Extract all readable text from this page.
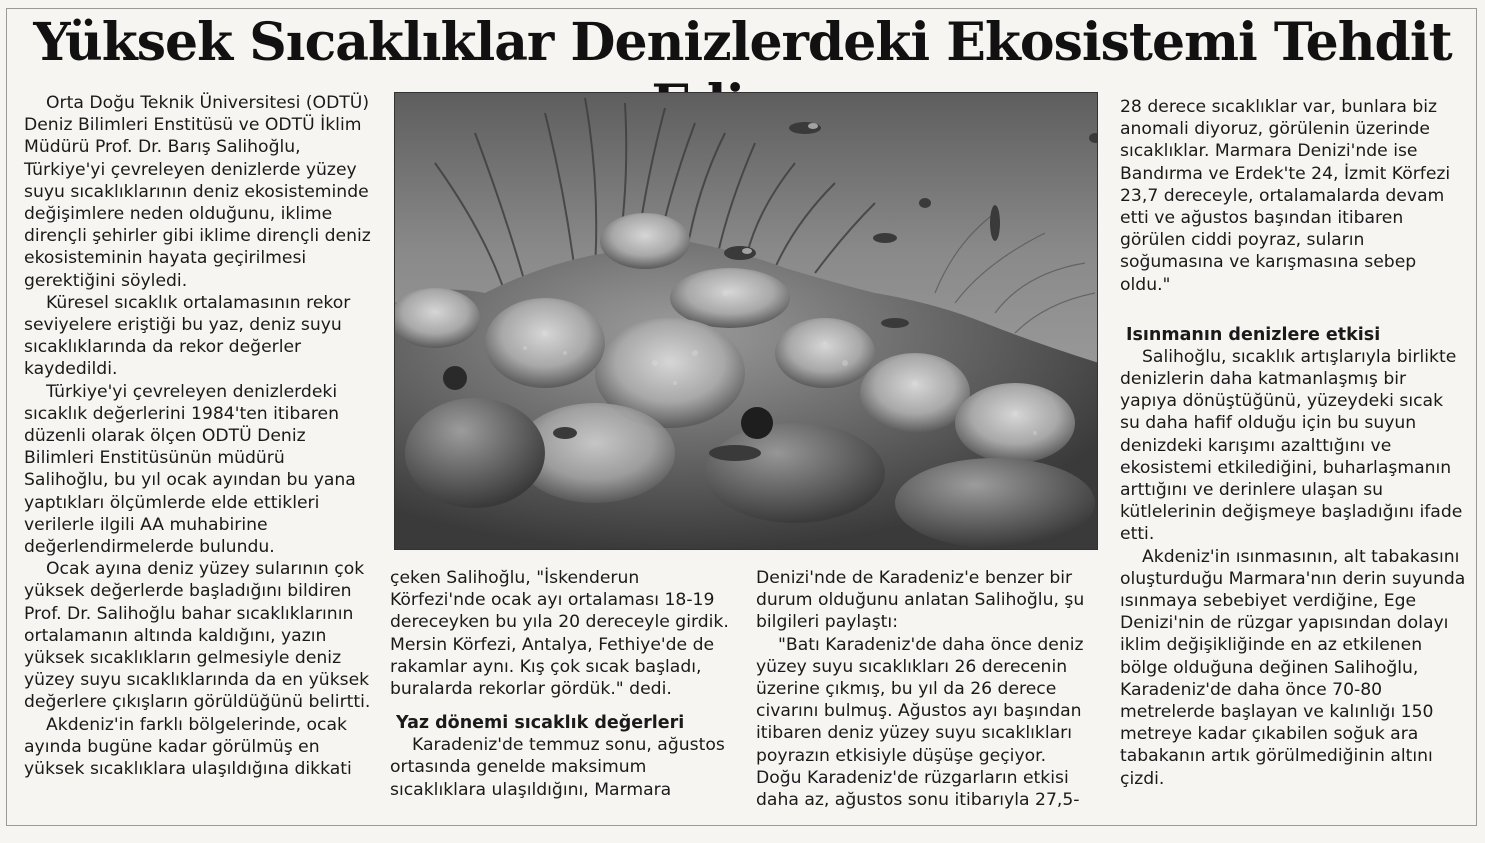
Yüksek Sıcaklıklar Denizlerdeki Ekosistemi Tehdit

Orta Doğu Teknik Üniversitesi (ODTÜ) Deniz Bilimleri Enstitüsü ve ODTÜ İklim Müdürü Prof. Dr. Barış Salihoğlu, Türkiye'yi çevreleyen denizlerde yüzey suyu sıcaklıklarının deniz ekosisteminde değişimlere neden olduğunu, iklime dirençli şehirler gibi iklime dirençli deniz ekosisteminin hayata geçirilmesi gerektiğini söyledi.

Küresel sıcaklık ortalamasının rekor seviyelere eriştiği bu yaz, deniz suyu sıcaklıklarında da rekor değerler kaydedildi.

Türkiye'yi çevreleyen denizlerdeki sıcaklık değerlerini 1984'ten itibaren düzenli olarak ölçen ODTÜ Deniz Bilimleri Enstitüsünün müdürü Salihoğlu, bu yıl ocak ayından bu yana yaptıkları ölçümlerde elde ettikleri verilerle ilgili AA muhabirine değerlendirmelerde bulundu.

Ocak ayına deniz yüzey sularının çok yüksek değerlerde başladığını bildiren Prof. Dr. Salihoğlu bahar sıcaklıklarının ortalamanın altında kaldığını, yazın yüksek sıcaklıkların gelmesiyle deniz yüzey suyu sıcaklıklarında da en yüksek değerlere çıkışların görüldüğünü belirtti.

Akdeniz'in farklı bölgelerinde, ocak ayında bugüne kadar görülmüş en yüksek sıcaklıklara ulaşıldığına dikkati

çeken Salihoğlu, "İskenderun Körfezi'nde ocak ayı ortalaması 18-19 dereceyken bu yıla 20 dereceyle girdik. Mersin Körfezi, Antalya, Fethiye'de de rakamlar aynı. Kış çok sıcak başladı, buralarda rekorlar gördük." dedi.

Yaz dönemi sıcaklık değerleri

Karadeniz'de temmuz sonu, ağustos ortasında genelde maksimum sıcaklıklara ulaşıldığını, Marmara

Denizi'nde de Karadeniz'e benzer bir durum olduğunu anlatan Salihoğlu, şu bilgileri paylaştı:

"Batı Karadeniz'de daha önce deniz yüzey suyu sıcaklıkları 26 derecenin üzerine çıkmış, bu yıl da 26 derece civarını bulmuş. Ağustos ayı başından itibaren deniz yüzey suyu sıcaklıkları poyrazın etkisiyle düşüşe geçiyor. Doğu Karadeniz'de rüzgarların etkisi daha az, ağustos sonu itibarıyla 27,5-

28 derece sıcaklıklar var, bunlara biz anomali diyoruz, görülenin üzerinde sıcaklıklar. Marmara Denizi'nde ise Bandırma ve Erdek'te 24, İzmit Körfezi 23,7 dereceyle, ortalamalarda devam etti ve ağustos başından itibaren görülen ciddi poyraz, suların soğumasına ve karışmasına sebep oldu."

Isınmanın denizlere etkisi

Salihoğlu, sıcaklık artışlarıyla birlikte denizlerin daha katmanlaşmış bir yapıya dönüştüğünü, yüzeydeki sıcak su daha hafif olduğu için bu suyun denizdeki karışımı azalttığını ve ekosistemi etkilediğini, buharlaşmanın arttığını ve derinlere ulaşan su kütlelerinin değişmeye başladığını ifade etti.

Akdeniz'in ısınmasının, alt tabakasını oluşturduğu Marmara'nın derin suyunda ısınmaya sebebiyet verdiğine, Ege Denizi'nin de rüzgar yapısından dolayı iklim değişikliğinde en az etkilenen bölge olduğuna değinen Salihoğlu, Karadeniz'de daha önce 70-80 metrelerde başlayan ve kalınlığı 150 metreye kadar çıkabilen soğuk ara tabakanın artık görülmediğinin altını çizdi.
